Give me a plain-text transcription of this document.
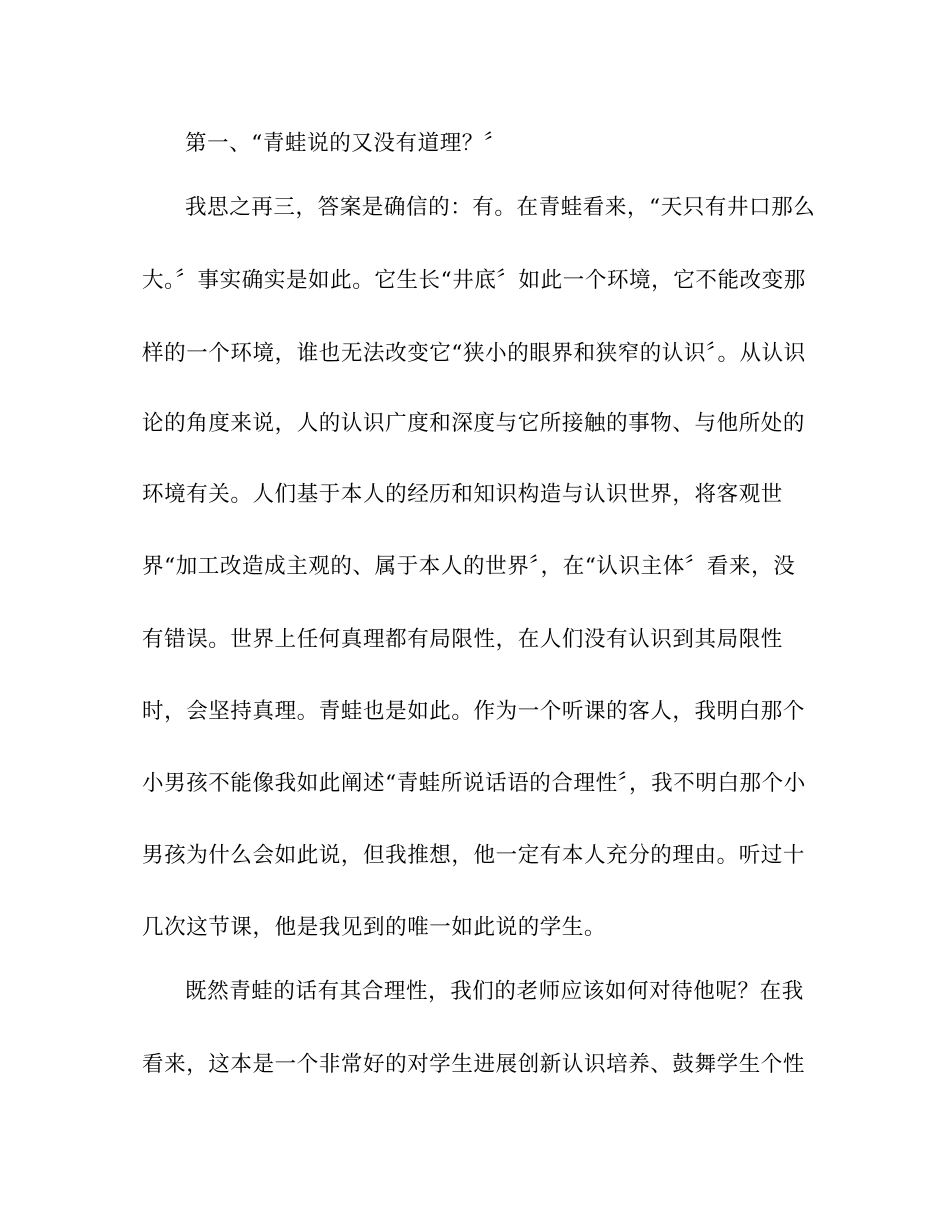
第一、“青蛙说的又没有道理？〞
我思之再三，答案是确信的：有。在青蛙看来，“天只有井口那么
大。〞事实确实是如此。它生长“井底〞如此一个环境，它不能改变那
样的一个环境，谁也无法改变它“狭小的眼界和狭窄的认识〞。从认识
论的角度来说，人的认识广度和深度与它所接触的事物、与他所处的
环境有关。人们基于本人的经历和知识构造与认识世界，将客观世
界“加工改造成主观的、属于本人的世界〞，在“认识主体〞看来，没
有错误。世界上任何真理都有局限性，在人们没有认识到其局限性
时，会坚持真理。青蛙也是如此。作为一个听课的客人，我明白那个
小男孩不能像我如此阐述“青蛙所说话语的合理性〞，我不明白那个小
男孩为什么会如此说，但我推想，他一定有本人充分的理由。听过十
几次这节课，他是我见到的唯一如此说的学生。
既然青蛙的话有其合理性，我们的老师应该如何对待他呢？在我
看来，这本是一个非常好的对学生进展创新认识培养、鼓舞学生个性
